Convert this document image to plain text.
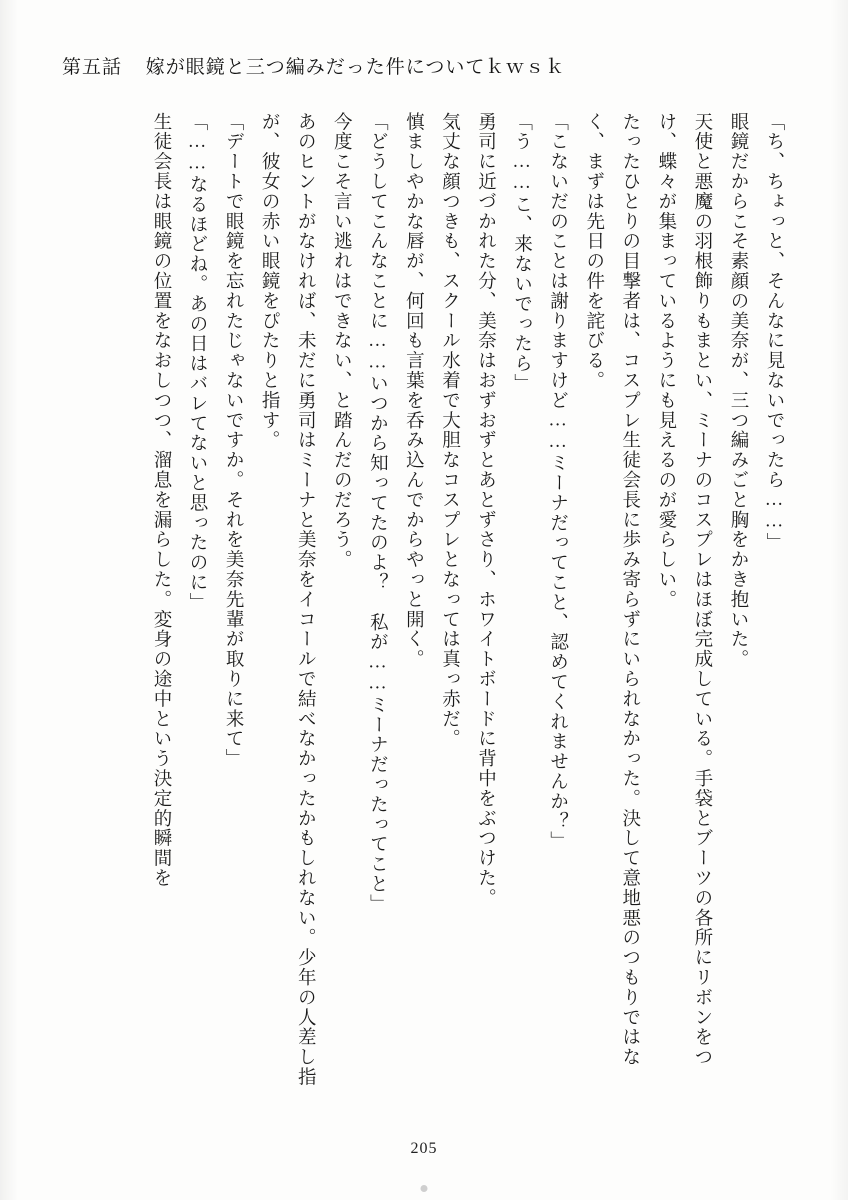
第五話 嫁が眼鏡と三つ編みだった件についてｋｗｓｋ

「ち、ちょっと、そんなに見ないでったら……」

眼鏡だからこそ素顔の美奈が、三つ編みごと胸をかき抱いた。

天使と悪魔の羽根飾りもまとい、ミーナのコスプレはほぼ完成している。手袋とブーツの各所にリボンをつけ、蝶々が集まっているようにも見えるのが愛らしい。

たったひとりの目撃者は、コスプレ生徒会長に歩み寄らずにいられなかった。決して意地悪のつもりではなく、まずは先日の件を詫びる。

「こないだのことは謝りますけど……ミーナだってこと、認めてくれませんか？」

「う……こ、来ないでったら」

勇司に近づかれた分、美奈はおずおずとあとずさり、ホワイトボードに背中をぶつけた。

気丈な顔つきも、スクール水着で大胆なコスプレとなっては真っ赤だ。

慎ましやかな唇が、何回も言葉を呑み込んでからやっと開く。

「どうしてこんなことに……いつから知ってたのよ？　私が……ミーナだったってこと」

今度こそ言い逃れはできない、と踏んだのだろう。

あのヒントがなければ、未だに勇司はミーナと美奈をイコールで結べなかったかもしれない。少年の人差し指が、彼女の赤い眼鏡をぴたりと指す。

「デートで眼鏡を忘れたじゃないですか。それを美奈先輩が取りに来て」

「……なるほどね。あの日はバレてないと思ったのに」

生徒会長は眼鏡の位置をなおしつつ、溜息を漏らした。変身の途中という決定的瞬間を

205
